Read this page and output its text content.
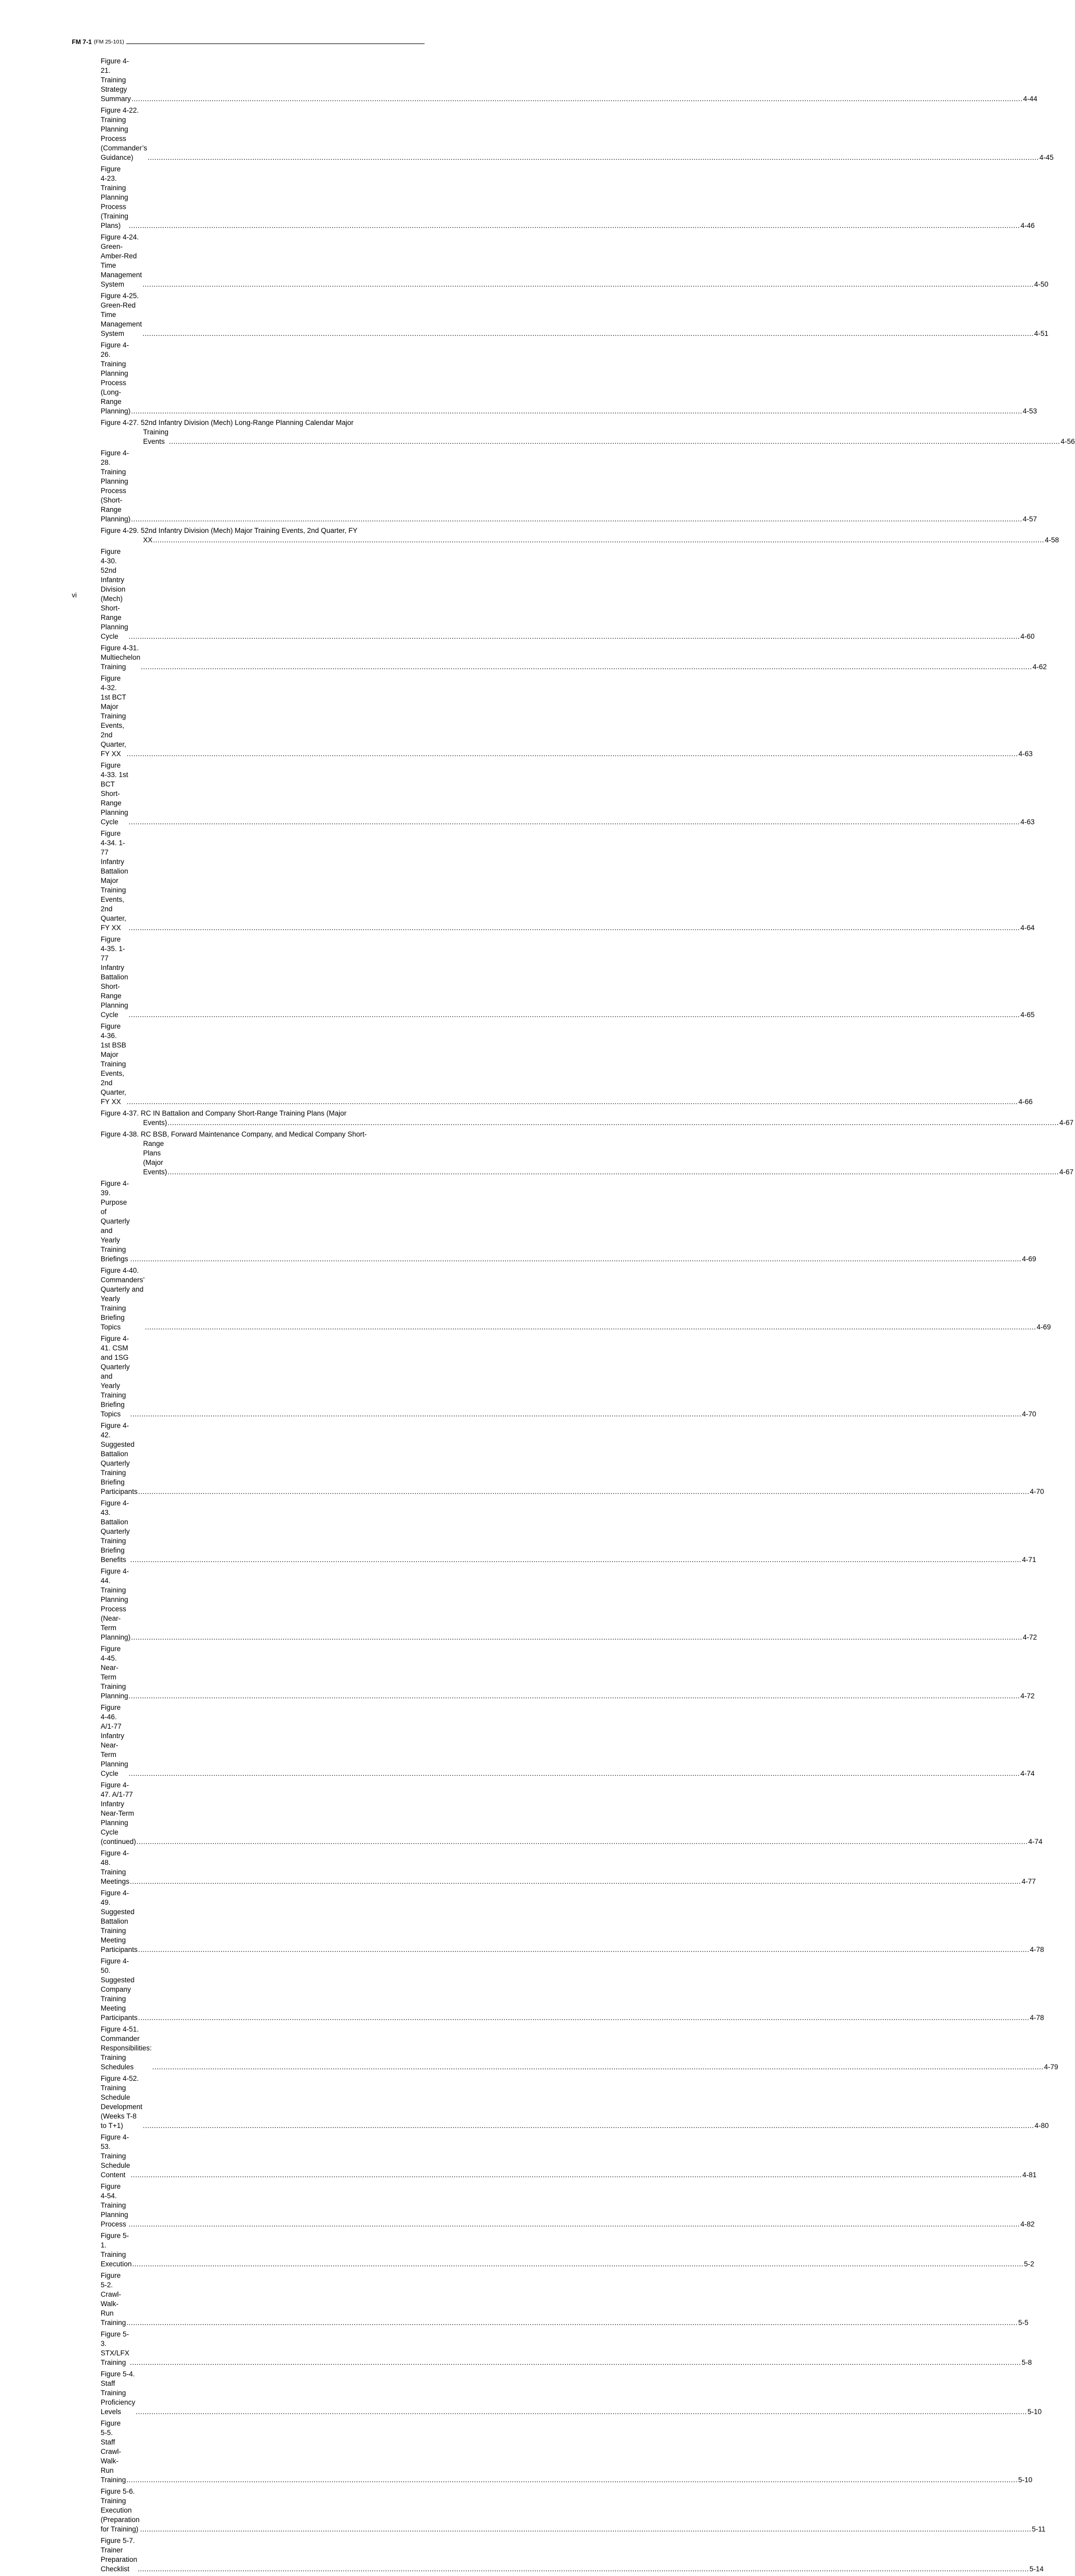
FM 7-1 (FM 25-101)
Figure 4-21. Training Strategy Summary ................................................................................................................................................................................................................................................................................................................................................................................................................ 4-44
Figure 4-22. Training Planning Process (Commander’s Guidance)	................................................................................................................................................................................................................................................................................................................................................................................................................ 4-45
Figure 4-23. Training Planning Process (Training Plans)	................................................................................................................................................................................................................................................................................................................................................................................................................ 4-46
Figure 4-24. Green-Amber-Red Time Management System	................................................................................................................................................................................................................................................................................................................................................................................................................ 4-50
Figure 4-25. Green-Red Time Management System	................................................................................................................................................................................................................................................................................................................................................................................................................ 4-51
Figure 4-26. Training Planning Process (Long-Range Planning) ................................................................................................................................................................................................................................................................................................................................................................................................................ 4-53
Figure 4-27. 52nd Infantry Division (Mech) Long-Range Planning Calendar Major
Training Events ................................................................................................................................................................................................................................................................................................................................................................................................................ 4-56
Figure 4-28. Training Planning Process (Short-Range Planning) ................................................................................................................................................................................................................................................................................................................................................................................................................ 4-57
Figure 4-29. 52nd Infantry Division (Mech) Major Training Events, 2nd Quarter, FY
XX ................................................................................................................................................................................................................................................................................................................................................................................................................ 4-58
Figure 4-30. 52nd Infantry Division (Mech) Short-Range Planning Cycle	................................................................................................................................................................................................................................................................................................................................................................................................................ 4-60
Figure 4-31. Multiechelon Training	................................................................................................................................................................................................................................................................................................................................................................................................................ 4-62
Figure 4-32. 1st BCT Major Training Events, 2nd Quarter, FY XX ................................................................................................................................................................................................................................................................................................................................................................................................................ 4-63
Figure 4-33. 1st BCT Short-Range Planning Cycle	................................................................................................................................................................................................................................................................................................................................................................................................................ 4-63
Figure 4-34. 1-77 Infantry Battalion Major Training Events, 2nd Quarter, FY XX	................................................................................................................................................................................................................................................................................................................................................................................................................ 4-64
Figure 4-35. 1-77 Infantry Battalion Short-Range Planning Cycle	................................................................................................................................................................................................................................................................................................................................................................................................................ 4-65
Figure 4-36. 1st BSB Major Training Events, 2nd Quarter, FY XX ................................................................................................................................................................................................................................................................................................................................................................................................................ 4-66
Figure 4-37. RC IN Battalion and Company Short-Range Training Plans (Major
Events) ................................................................................................................................................................................................................................................................................................................................................................................................................ 4-67
Figure 4-38. RC BSB, Forward Maintenance Company, and Medical Company Short-
Range Plans (Major Events) ................................................................................................................................................................................................................................................................................................................................................................................................................ 4-67
Figure 4-39. Purpose of Quarterly and Yearly Training Briefings ................................................................................................................................................................................................................................................................................................................................................................................................................ 4-69
Figure 4-40. Commanders’ Quarterly and Yearly Training Briefing Topics	................................................................................................................................................................................................................................................................................................................................................................................................................ 4-69
Figure 4-41. CSM and 1SG Quarterly and Yearly Training Briefing Topics	................................................................................................................................................................................................................................................................................................................................................................................................................ 4-70
Figure 4-42. Suggested Battalion Quarterly Training Briefing Participants ................................................................................................................................................................................................................................................................................................................................................................................................................ 4-70
Figure 4-43. Battalion Quarterly Training Briefing Benefits ................................................................................................................................................................................................................................................................................................................................................................................................................ 4-71
Figure 4-44. Training Planning Process (Near-Term Planning) ................................................................................................................................................................................................................................................................................................................................................................................................................ 4-72
Figure 4-45. Near-Term Training Planning ................................................................................................................................................................................................................................................................................................................................................................................................................ 4-72
Figure 4-46. A/1-77 Infantry Near-Term Planning Cycle	................................................................................................................................................................................................................................................................................................................................................................................................................ 4-74
Figure 4-47. A/1-77 Infantry Near-Term Planning Cycle (continued) ................................................................................................................................................................................................................................................................................................................................................................................................................ 4-74
Figure 4-48. Training Meetings ................................................................................................................................................................................................................................................................................................................................................................................................................ 4-77
Figure 4-49. Suggested Battalion Training Meeting Participants ................................................................................................................................................................................................................................................................................................................................................................................................................ 4-78
Figure 4-50. Suggested Company Training Meeting Participants ................................................................................................................................................................................................................................................................................................................................................................................................................ 4-78
Figure 4-51. Commander Responsibilities: Training Schedules	................................................................................................................................................................................................................................................................................................................................................................................................................ 4-79
Figure 4-52. Training Schedule Development (Weeks T-8 to T+1)	................................................................................................................................................................................................................................................................................................................................................................................................................ 4-80
Figure 4-53. Training Schedule Content ................................................................................................................................................................................................................................................................................................................................................................................................................ 4-81
Figure 4-54. Training Planning Process ................................................................................................................................................................................................................................................................................................................................................................................................................ 4-82
Figure 5-1. Training Execution ................................................................................................................................................................................................................................................................................................................................................................................................................ 5-2
Figure 5-2. Crawl-Walk-Run Training ................................................................................................................................................................................................................................................................................................................................................................................................................ 5-5
Figure 5-3. STX/LFX Training ................................................................................................................................................................................................................................................................................................................................................................................................................ 5-8
Figure 5-4. Staff Training Proficiency Levels	................................................................................................................................................................................................................................................................................................................................................................................................................ 5-10
Figure 5-5. Staff Crawl-Walk-Run Training ................................................................................................................................................................................................................................................................................................................................................................................................................ 5-10
Figure 5-6. Training Execution (Preparation for Training) ................................................................................................................................................................................................................................................................................................................................................................................................................ 5-11
Figure 5-7. Trainer Preparation Checklist	................................................................................................................................................................................................................................................................................................................................................................................................................ 5-14
vi
